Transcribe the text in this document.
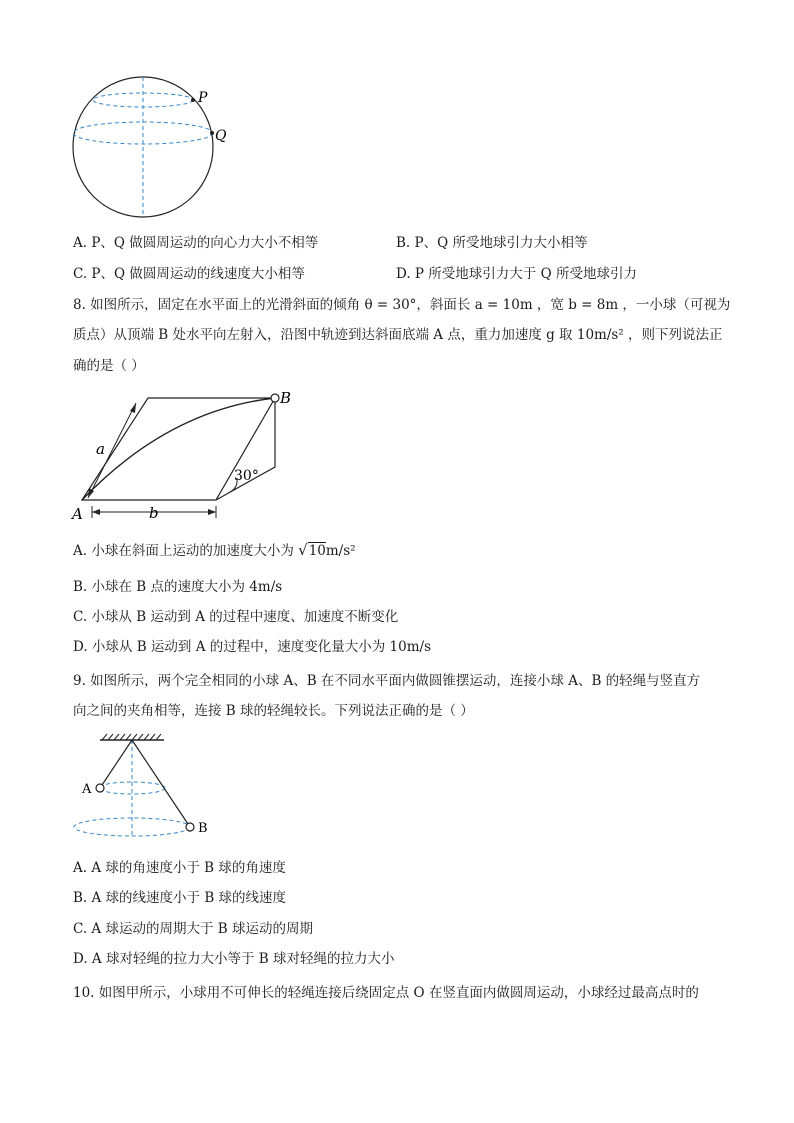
P
Q
A. P、Q 做圆周运动的向心力大小不相等	B. P、Q 所受地球引力大小相等
C. P、Q 做圆周运动的线速度大小相等	D. P 所受地球引力大于 Q 所受地球引力
8. 如图所示，固定在水平面上的光滑斜面的倾角 θ = 30°，斜面长 a = 10m ，宽 b = 8m ，一小球（可视为
质点）从顶端 B 处水平向左射入，沿图中轨迹到达斜面底端 A 点，重力加速度 g 取 10m/s² ，则下列说法正
确的是（ ）
30°
a
b
A
B
A. 小球在斜面上运动的加速度大小为 √10m/s²
B. 小球在 B 点的速度大小为 4m/s
C. 小球从 B 运动到 A 的过程中速度、加速度不断变化
D. 小球从 B 运动到 A 的过程中，速度变化量大小为 10m/s
9. 如图所示，两个完全相同的小球 A、B 在不同水平面内做圆锥摆运动，连接小球 A、B 的轻绳与竖直方
向之间的夹角相等，连接 B 球的轻绳较长。下列说法正确的是（ ）
A
B
A. A 球的角速度小于 B 球的角速度
B. A 球的线速度小于 B 球的线速度
C. A 球运动的周期大于 B 球运动的周期
D. A 球对轻绳的拉力大小等于 B 球对轻绳的拉力大小
10. 如图甲所示，小球用不可伸长的轻绳连接后绕固定点 O 在竖直面内做圆周运动，小球经过最高点时的
